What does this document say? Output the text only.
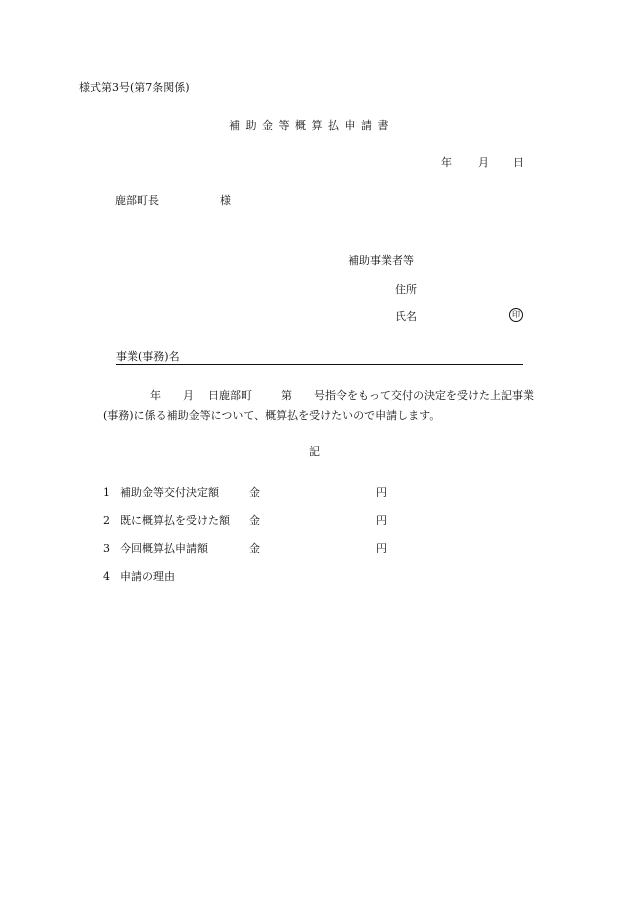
様式第3号(第7条関係)
補助金等概算払申請書
年 月 日
鹿部町長	様
補助事業者等
住所
氏名	印
事業(事務)名
年 月 日鹿部町	第 号指令をもって交付の決定を受けた上記事業
(事務)に係る補助金等について、概算払を受けたいので申請します。
記
1 補助金等交付決定額	金	円
2 既に概算払を受けた額 金	円
3 今回概算払申請額	金	円
4 申請の理由
